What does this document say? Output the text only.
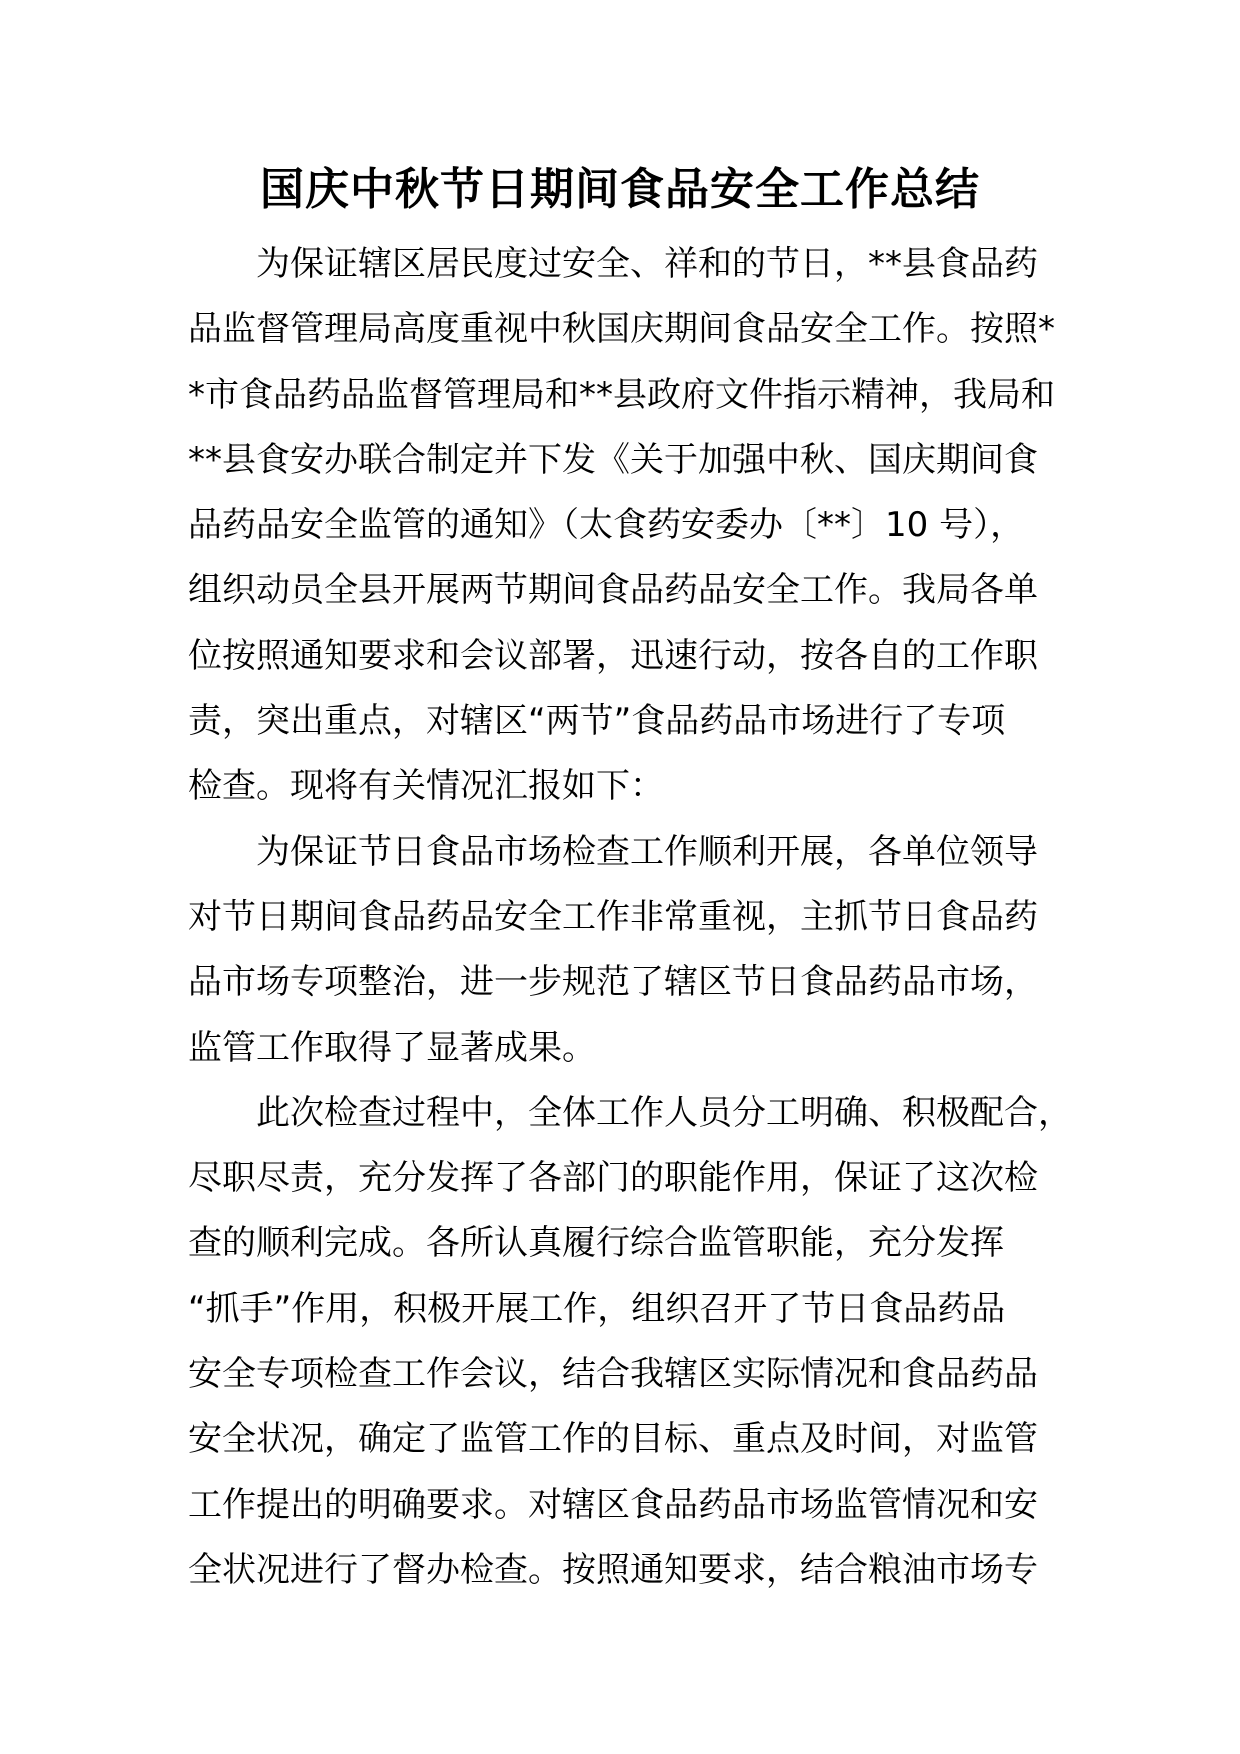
国庆中秋节日期间食品安全工作总结
　　为保证辖区居民度过安全、祥和的节日，**县食品药
品监督管理局高度重视中秋国庆期间食品安全工作。按照*
*市食品药品监督管理局和**县政府文件指示精神，我局和
**县食安办联合制定并下发《关于加强中秋、国庆期间食
品药品安全监管的通知》（太食药安委办〔**〕10 号），
组织动员全县开展两节期间食品药品安全工作。我局各单
位按照通知要求和会议部署，迅速行动，按各自的工作职
责，突出重点，对辖区“两节”食品药品市场进行了专项
检查。现将有关情况汇报如下：
　　为保证节日食品市场检查工作顺利开展，各单位领导
对节日期间食品药品安全工作非常重视，主抓节日食品药
品市场专项整治，进一步规范了辖区节日食品药品市场，
监管工作取得了显著成果。
　　此次检查过程中，全体工作人员分工明确、积极配合，
尽职尽责，充分发挥了各部门的职能作用，保证了这次检
查的顺利完成。各所认真履行综合监管职能，充分发挥
“抓手”作用，积极开展工作，组织召开了节日食品药品
安全专项检查工作会议，结合我辖区实际情况和食品药品
安全状况，确定了监管工作的目标、重点及时间，对监管
工作提出的明确要求。对辖区食品药品市场监管情况和安
全状况进行了督办检查。按照通知要求，结合粮油市场专
